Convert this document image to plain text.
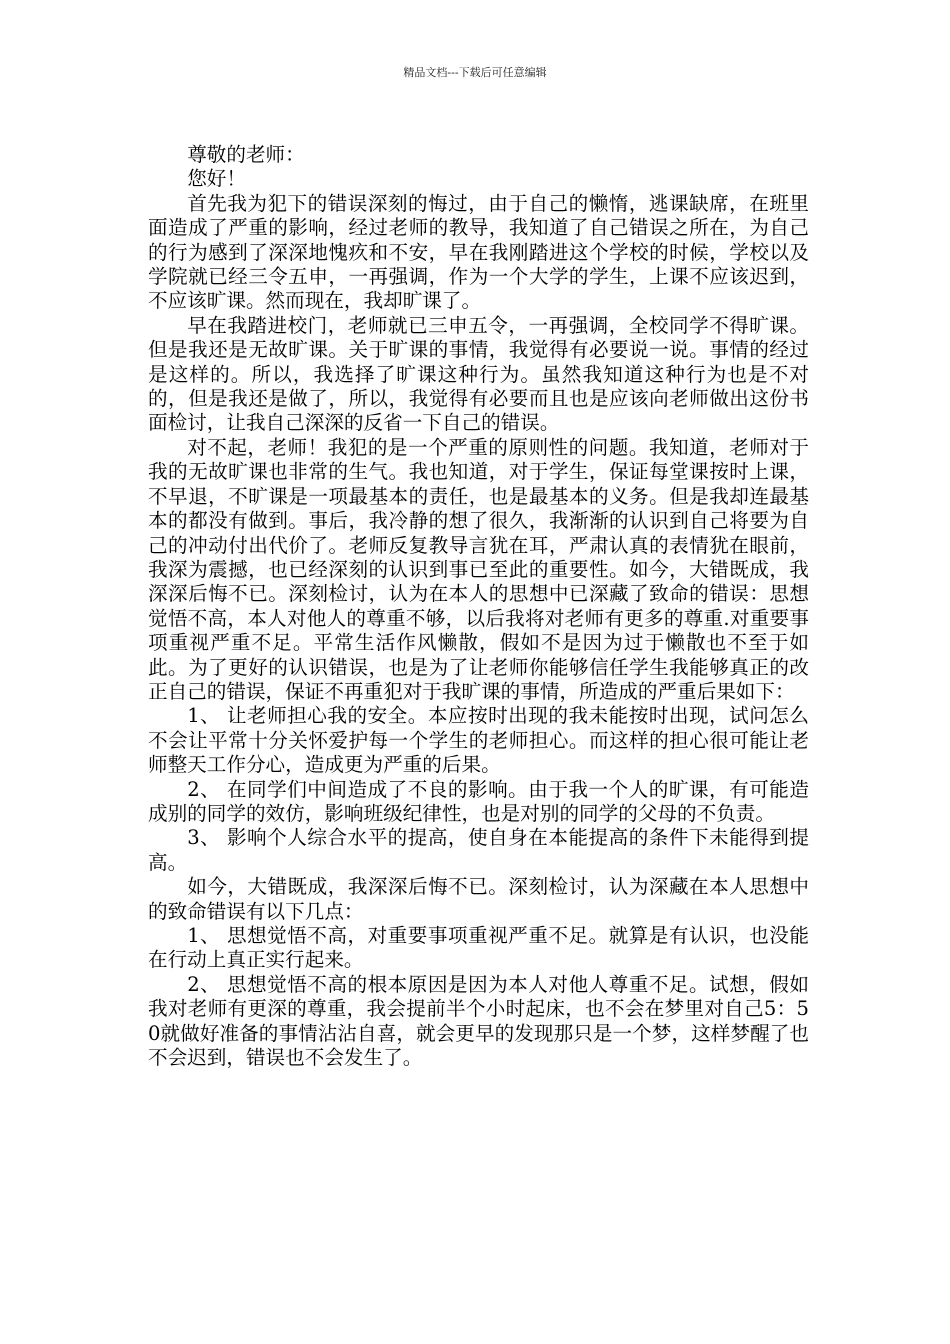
精品文档---下载后可任意编辑

尊敬的老师：

您好！

首先我为犯下的错误深刻的悔过，由于自己的懒惰，逃课缺席，在班里面造成了严重的影响，经过老师的教导，我知道了自己错误之所在，为自己的行为感到了深深地愧疚和不安，早在我刚踏进这个学校的时候，学校以及学院就已经三令五申，一再强调，作为一个大学的学生，上课不应该迟到，不应该旷课。然而现在，我却旷课了。

早在我踏进校门，老师就已三申五令，一再强调，全校同学不得旷课。但是我还是无故旷课。关于旷课的事情，我觉得有必要说一说。事情的经过是这样的。所以，我选择了旷课这种行为。虽然我知道这种行为也是不对的，但是我还是做了，所以，我觉得有必要而且也是应该向老师做出这份书面检讨，让我自己深深的反省一下自己的错误。

对不起，老师！我犯的是一个严重的原则性的问题。我知道，老师对于我的无故旷课也非常的生气。我也知道，对于学生，保证每堂课按时上课，不早退，不旷课是一项最基本的责任，也是最基本的义务。但是我却连最基本的都没有做到。事后，我冷静的想了很久，我渐渐的认识到自己将要为自己的冲动付出代价了。老师反复教导言犹在耳，严肃认真的表情犹在眼前，我深为震撼，也已经深刻的认识到事已至此的重要性。如今，大错既成，我深深后悔不已。深刻检讨，认为在本人的思想中已深藏了致命的错误：思想觉悟不高，本人对他人的尊重不够，以后我将对老师有更多的尊重.对重要事项重视严重不足。平常生活作风懒散，假如不是因为过于懒散也不至于如此。为了更好的认识错误，也是为了让老师你能够信任学生我能够真正的改正自己的错误，保证不再重犯对于我旷课的事情，所造成的严重后果如下：

1、 让老师担心我的安全。本应按时出现的我未能按时出现，试问怎么不会让平常十分关怀爱护每一个学生的老师担心。而这样的担心很可能让老师整天工作分心，造成更为严重的后果。

2、 在同学们中间造成了不良的影响。由于我一个人的旷课，有可能造成别的同学的效仿，影响班级纪律性，也是对别的同学的父母的不负责。

3、 影响个人综合水平的提高，使自身在本能提高的条件下未能得到提高。

如今，大错既成，我深深后悔不已。深刻检讨，认为深藏在本人思想中的致命错误有以下几点：

1、 思想觉悟不高，对重要事项重视严重不足。就算是有认识，也没能在行动上真正实行起来。

2、 思想觉悟不高的根本原因是因为本人对他人尊重不足。试想，假如我对老师有更深的尊重，我会提前半个小时起床，也不会在梦里对自己5：50就做好准备的事情沾沾自喜，就会更早的发现那只是一个梦，这样梦醒了也不会迟到，错误也不会发生了。
